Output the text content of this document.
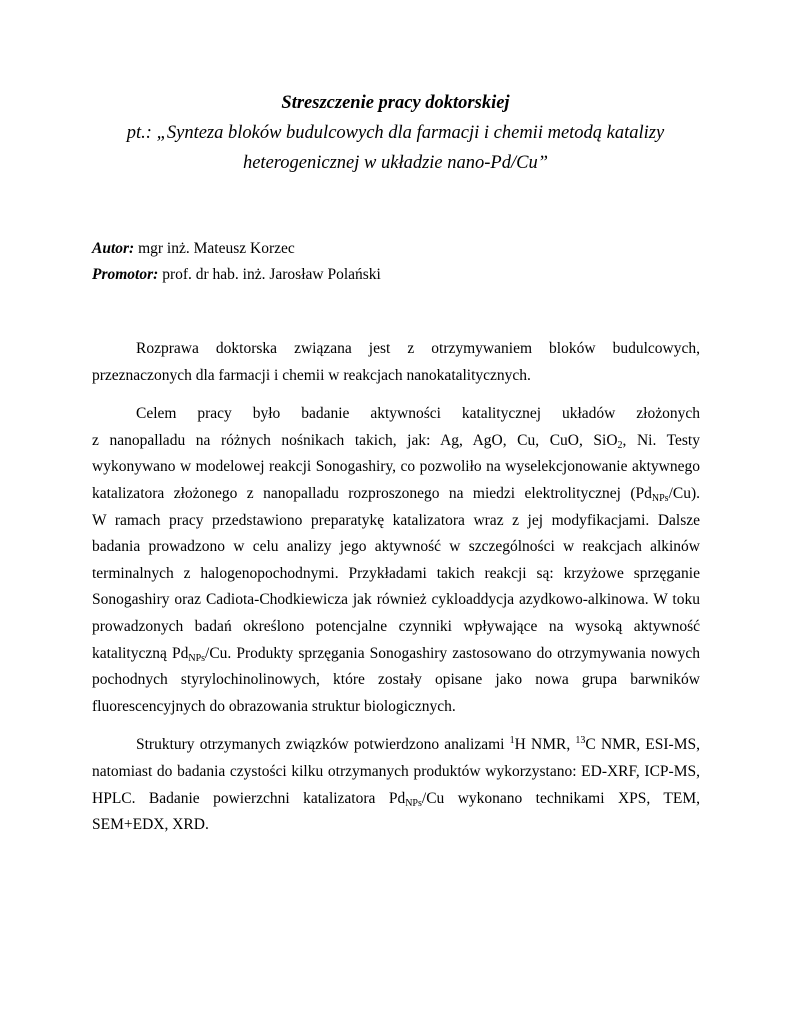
Streszczenie pracy doktorskiej

pt.: „Synteza bloków budulcowych dla farmacji i chemii metodą katalizy

heterogenicznej w układzie nano-Pd/Cu”

Autor: mgr inż. Mateusz Korzec

Promotor: prof. dr hab. inż. Jarosław Polański

Rozprawa doktorska związana jest z otrzymywaniem bloków budulcowych,
przeznaczonych dla farmacji i chemii w reakcjach nanokatalitycznych.
Celem pracy było badanie aktywności katalitycznej układów złożonych
z nanopalladu na różnych nośnikach takich, jak: Ag, AgO, Cu, CuO, SiO$_2$, Ni. Testy
wykonywano w modelowej reakcji Sonogashiry, co pozwoliło na wyselekcjonowanie aktywnego
katalizatora złożonego z nanopalladu rozproszonego na miedzi elektrolitycznej $(Pd_{NPs}/Cu)$.
W ramach pracy przedstawiono preparatykę katalizatora wraz z jej modyfikacjami. Dalsze
badania prowadzono w celu analizy jego aktywność w szczególności w reakcjach alkinów
terminalnych z halogenopochodnymi. Przykładami takich reakcji są: krzyżowe sprzęganie
Sonogashiry oraz Cadiota-Chodkiewicza jak również cykloaddycja azydkowo-alkinowa. W toku
prowadzonych badań określono potencjalne czynniki wpływające na wysoką aktywność
katalityczną $Pd_{NPs}/Cu$. Produkty sprzęgania Sonogashiry zastosowano do otrzymywania nowych
pochodnych styrylochinolinowych, które zostały opisane jako nowa grupa barwników
fluorescencyjnych do obrazowania struktur biologicznych.
Struktury otrzymanych związków potwierdzono analizami $^1$H NMR, $^{13}$C NMR, ESI-MS,
natomiast do badania czystości kilku otrzymanych produktów wykorzystano: ED-XRF, ICP-MS,
HPLC. Badanie powierzchni katalizatora $Pd_{NPs}/Cu$ wykonano technikami XPS, TEM,
SEM+EDX, XRD.
